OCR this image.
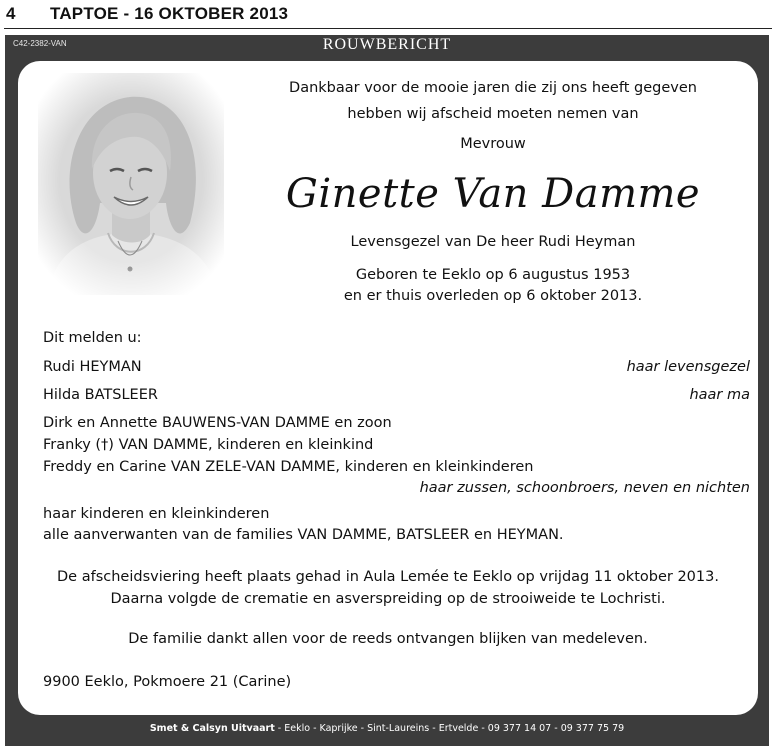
4 TAPTOE - 16 OKTOBER 2013
C42-2382-VAN	ROUWBERICHT
Dankbaar voor de mooie jaren die zij ons heeft gegeven
hebben wij afscheid moeten nemen van
Mevrouw
Ginette Van Damme
Levensgezel van De heer Rudi Heyman
Geboren te Eeklo op 6 augustus 1953
en er thuis overleden op 6 oktober 2013.
Dit melden u:
Rudi HEYMAN	haar levensgezel
Hilda BATSLEER	haar ma
Dirk en Annette BAUWENS-VAN DAMME en zoon
Franky (†) VAN DAMME, kinderen en kleinkind
Freddy en Carine VAN ZELE-VAN DAMME, kinderen en kleinkinderen
haar zussen, schoonbroers, neven en nichten
haar kinderen en kleinkinderen
alle aanverwanten van de families VAN DAMME, BATSLEER en HEYMAN.
De afscheidsviering heeft plaats gehad in Aula Lemée te Eeklo op vrijdag 11 oktober 2013.
Daarna volgde de crematie en asverspreiding op de strooiweide te Lochristi.
De familie dankt allen voor de reeds ontvangen blijken van medeleven.
9900 Eeklo, Pokmoere 21 (Carine)
Smet & Calsyn Uitvaart - Eeklo - Kaprijke - Sint-Laureins - Ertvelde - 09 377 14 07 - 09 377 75 79
